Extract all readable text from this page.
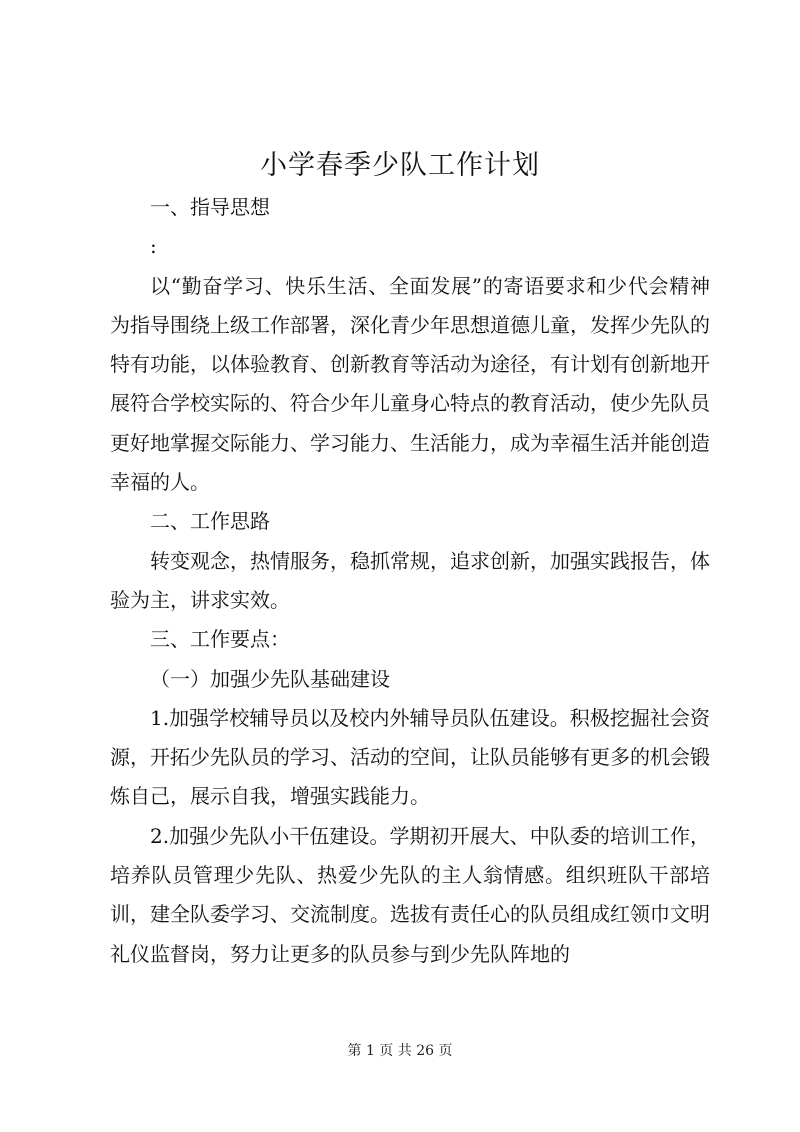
小学春季少队工作计划

一、指导思想

:

以“勤奋学习、快乐生活、全面发展”的寄语要求和少代会精神为指导围绕上级工作部署，深化青少年思想道德儿童，发挥少先队的特有功能，以体验教育、创新教育等活动为途径，有计划有创新地开展符合学校实际的、符合少年儿童身心特点的教育活动，使少先队员更好地掌握交际能力、学习能力、生活能力，成为幸福生活并能创造幸福的人。

二、工作思路

转变观念，热情服务，稳抓常规，追求创新，加强实践报告，体验为主，讲求实效。

三、工作要点：

（一）加强少先队基础建设

1.加强学校辅导员以及校内外辅导员队伍建设。积极挖掘社会资源，开拓少先队员的学习、活动的空间，让队员能够有更多的机会锻炼自己，展示自我，增强实践能力。

2.加强少先队小干伍建设。学期初开展大、中队委的培训工作，培养队员管理少先队、热爱少先队的主人翁情感。组织班队干部培训，建全队委学习、交流制度。选拔有责任心的队员组成红领巾文明礼仪监督岗，努力让更多的队员参与到少先队阵地的

第 1 页 共 26 页
